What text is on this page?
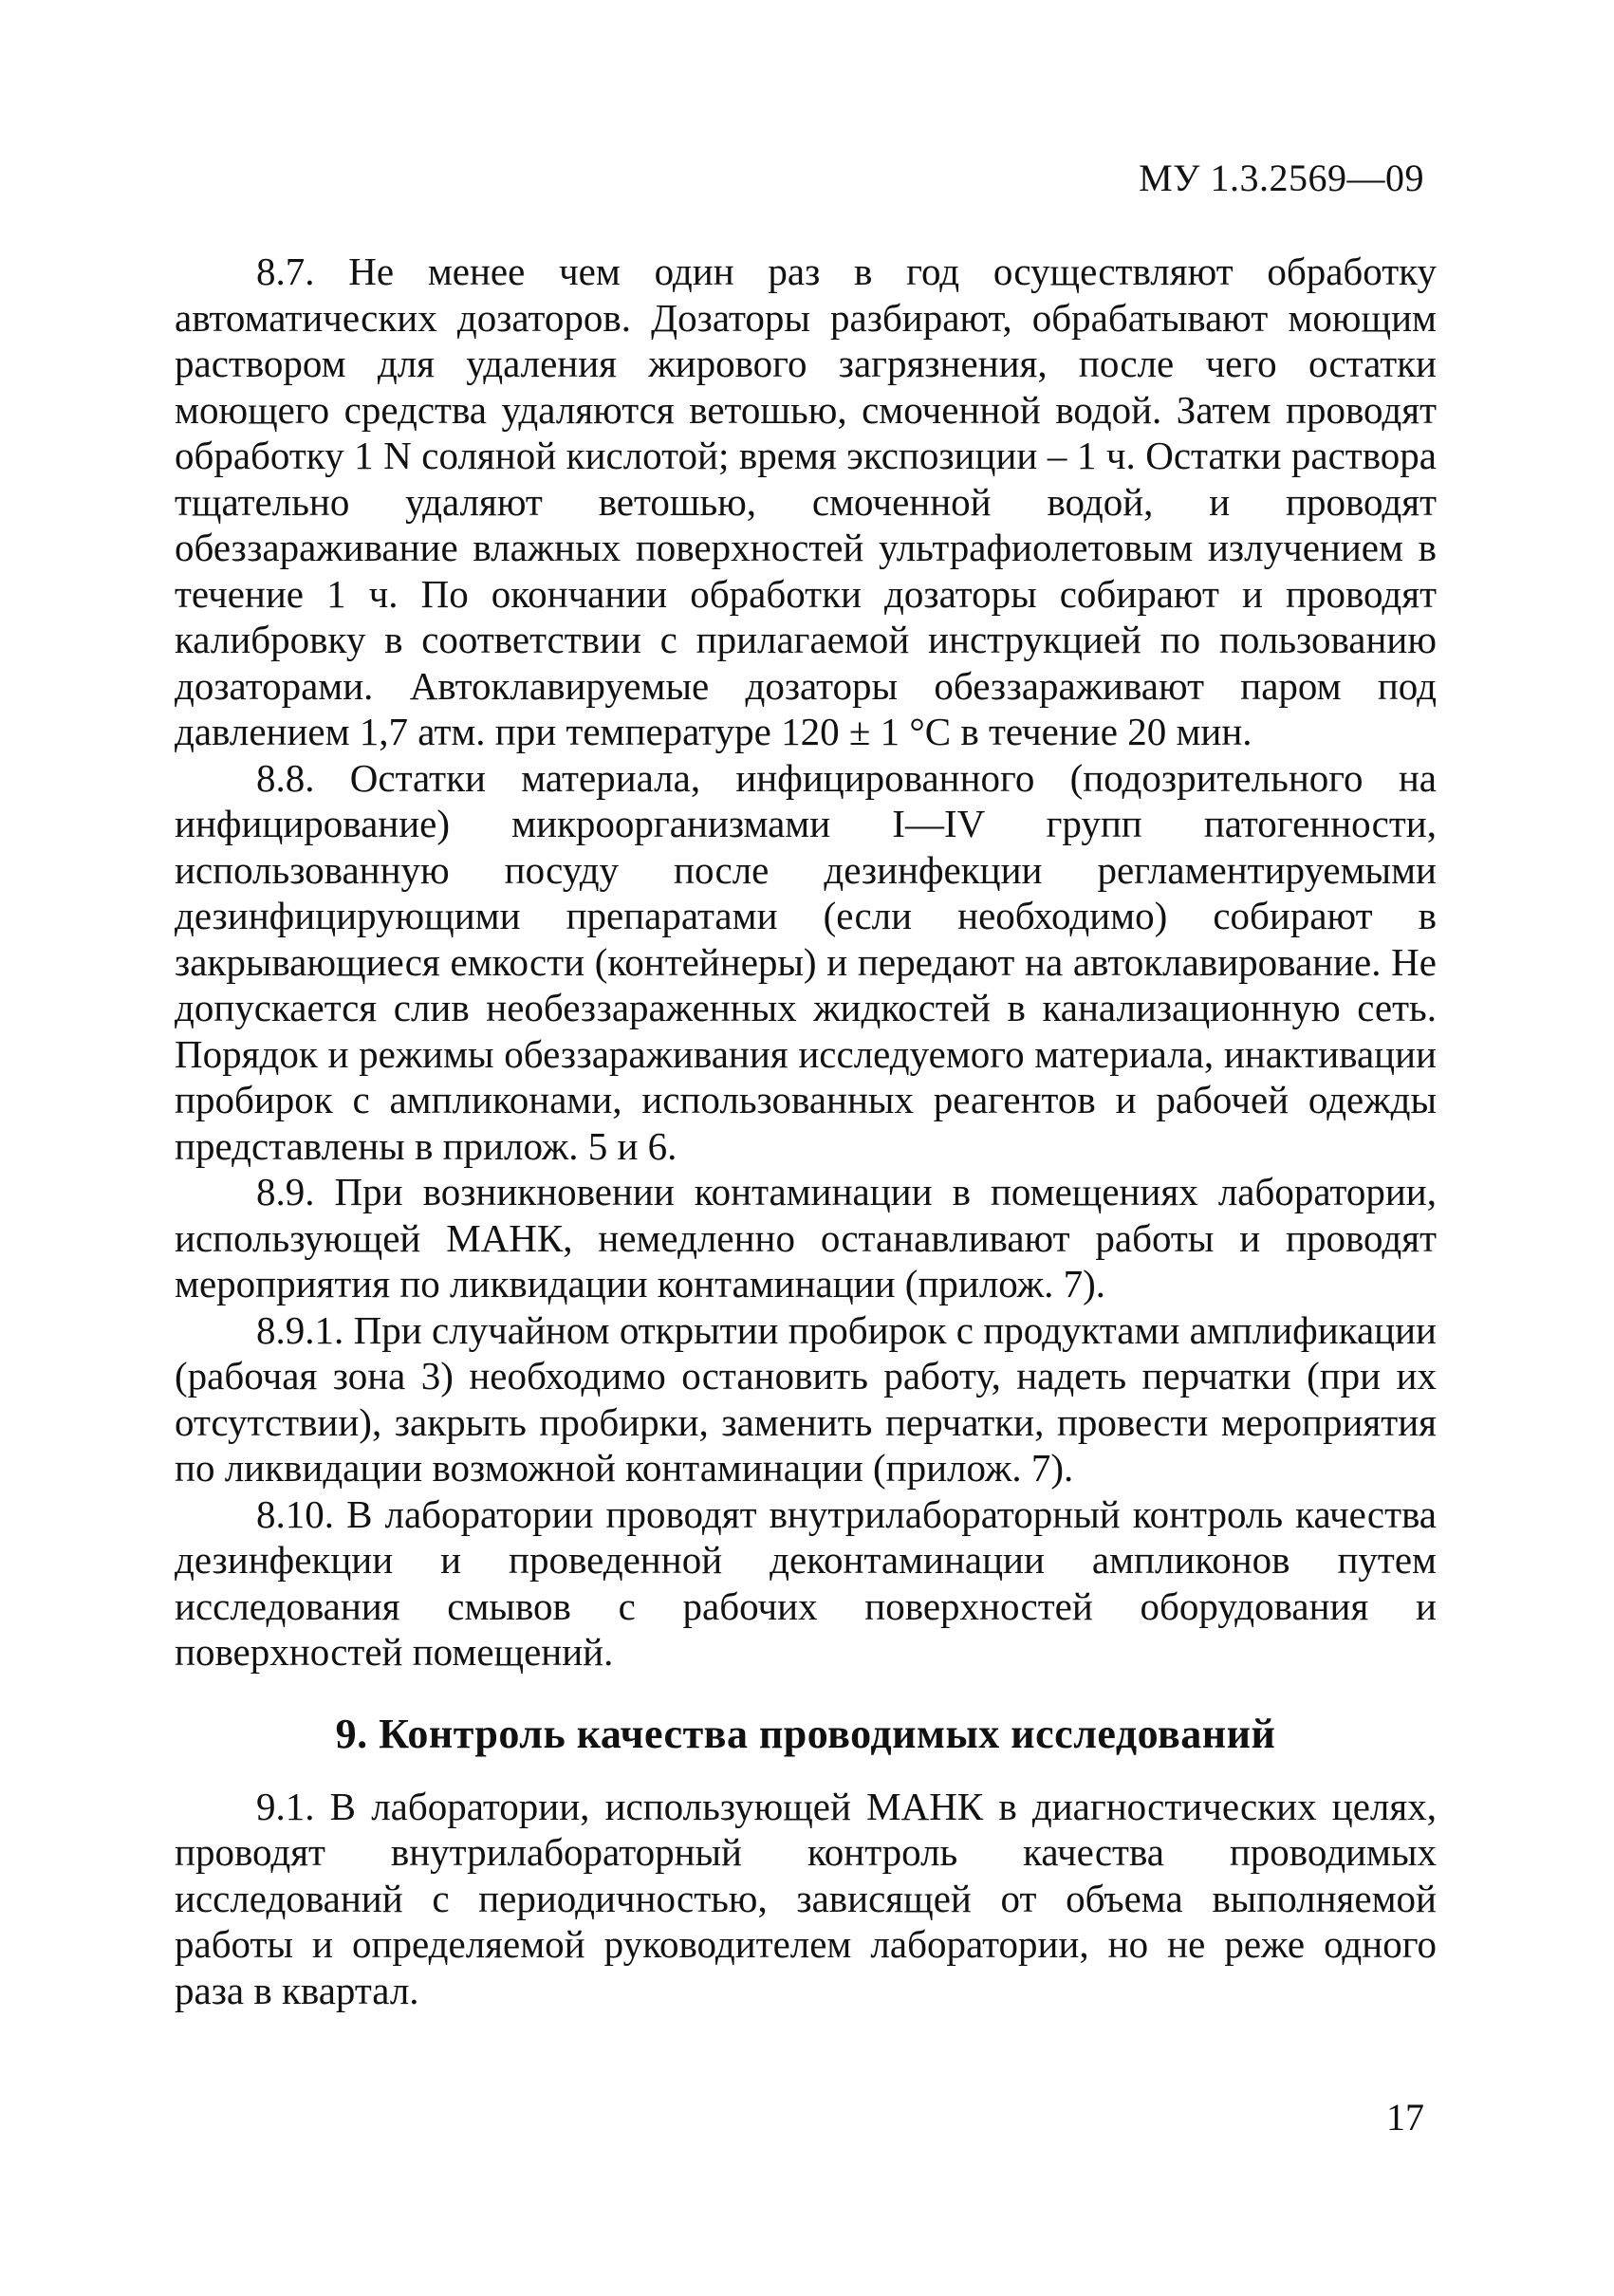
МУ 1.3.2569—09

8.7. Не менее чем один раз в год осуществляют обработку автоматических дозаторов. Дозаторы разбирают, обрабатывают моющим раствором для удаления жирового загрязнения, после чего остатки моющего средства удаляются ветошью, смоченной водой. Затем проводят обработку 1 N соляной кислотой; время экспозиции – 1 ч. Остатки раствора тщательно удаляют ветошью, смоченной водой, и проводят обеззараживание влажных поверхностей ультрафиолетовым излучением в течение 1 ч. По окончании обработки дозаторы собирают и проводят калибровку в соответствии с прилагаемой инструкцией по пользованию дозаторами. Автоклавируемые дозаторы обеззараживают паром под давлением 1,7 атм. при температуре 120 ± 1 °С в течение 20 мин.

8.8. Остатки материала, инфицированного (подозрительного на инфицирование) микроорганизмами I—IV групп патогенности, использованную посуду после дезинфекции регламентируемыми дезинфицирующими препаратами (если необходимо) собирают в закрывающиеся емкости (контейнеры) и передают на автоклавирование. Не допускается слив необеззараженных жидкостей в канализационную сеть. Порядок и режимы обеззараживания исследуемого материала, инактивации пробирок с ампликонами, использованных реагентов и рабочей одежды представлены в прилож. 5 и 6.

8.9. При возникновении контаминации в помещениях лаборатории, использующей МАНК, немедленно останавливают работы и проводят мероприятия по ликвидации контаминации (прилож. 7).

8.9.1. При случайном открытии пробирок с продуктами амплификации (рабочая зона 3) необходимо остановить работу, надеть перчатки (при их отсутствии), закрыть пробирки, заменить перчатки, провести мероприятия по ликвидации возможной контаминации (прилож. 7).

8.10. В лаборатории проводят внутрилабораторный контроль качества дезинфекции и проведенной деконтаминации ампликонов путем исследования смывов с рабочих поверхностей оборудования и поверхностей помещений.

9. Контроль качества проводимых исследований

9.1. В лаборатории, использующей МАНК в диагностических целях, проводят внутрилабораторный контроль качества проводимых исследований с периодичностью, зависящей от объема выполняемой работы и определяемой руководителем лаборатории, но не реже одного раза в квартал.

17
